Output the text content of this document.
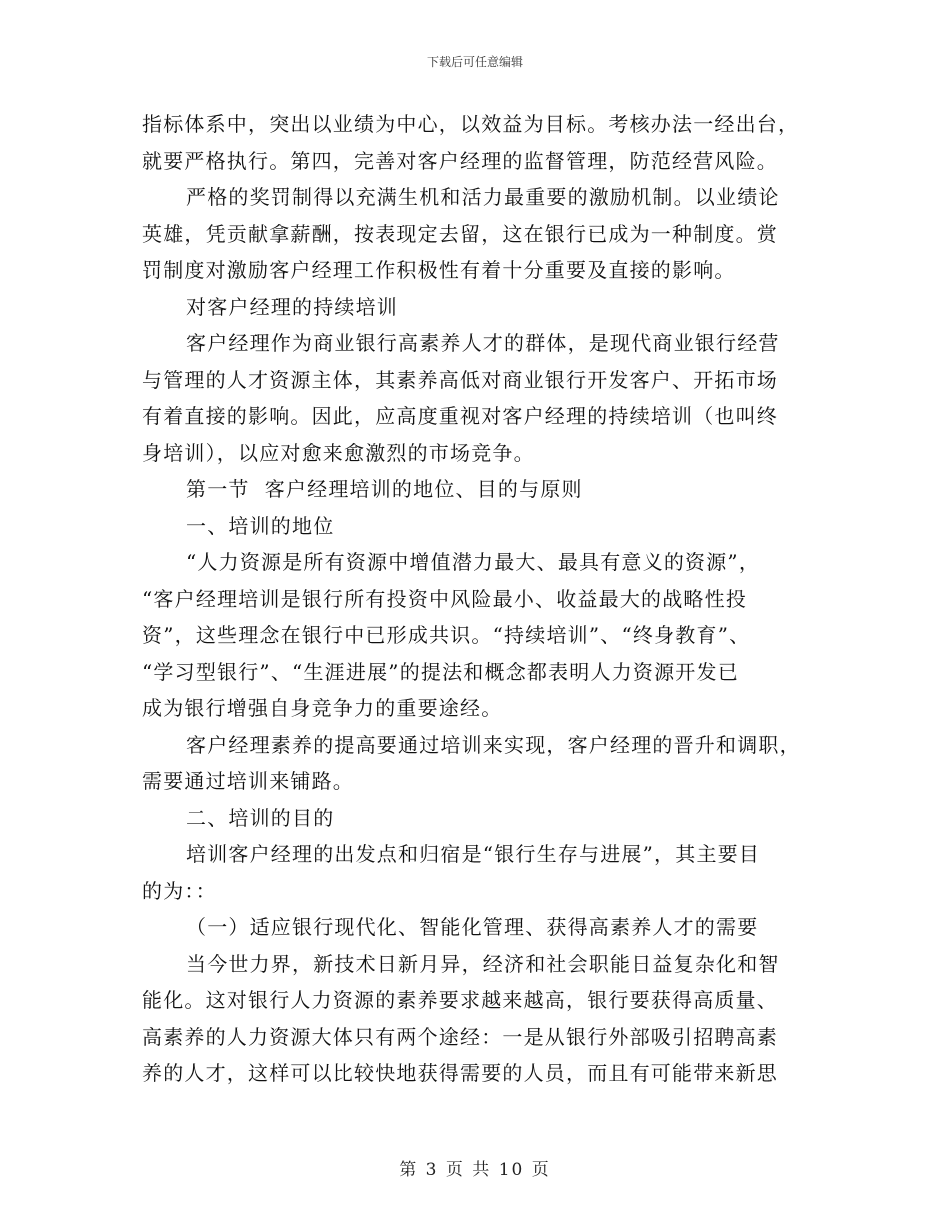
下载后可任意编辑

指标体系中，突出以业绩为中心，以效益为目标。考核办法一经出台，
就要严格执行。第四，完善对客户经理的监督管理，防范经营风险。

严格的奖罚制得以充满生机和活力最重要的激励机制。以业绩论
英雄，凭贡献拿薪酬，按表现定去留，这在银行已成为一种制度。赏
罚制度对激励客户经理工作积极性有着十分重要及直接的影响。

对客户经理的持续培训

客户经理作为商业银行高素养人才的群体，是现代商业银行经营
与管理的人才资源主体，其素养高低对商业银行开发客户、开拓市场
有着直接的影响。因此，应高度重视对客户经理的持续培训（也叫终
身培训），以应对愈来愈激烈的市场竞争。

第一节  客户经理培训的地位、目的与原则

一、培训的地位

“人力资源是所有资源中增值潜力最大、最具有意义的资源”，
“客户经理培训是银行所有投资中风险最小、收益最大的战略性投
资”，这些理念在银行中已形成共识。“持续培训”、“终身教育”、
“学习型银行”、“生涯进展”的提法和概念都表明人力资源开发已
成为银行增强自身竞争力的重要途经。

客户经理素养的提高要通过培训来实现，客户经理的晋升和调职，
需要通过培训来铺路。

二、培训的目的

培训客户经理的出发点和归宿是“银行生存与进展”，其主要目
的为：：

（一）适应银行现代化、智能化管理、获得高素养人才的需要

当今世力界，新技术日新月异，经济和社会职能日益复杂化和智
能化。这对银行人力资源的素养要求越来越高，银行要获得高质量、
高素养的人力资源大体只有两个途经：一是从银行外部吸引招聘高素
养的人才，这样可以比较快地获得需要的人员，而且有可能带来新思

第 3 页 共 10 页
